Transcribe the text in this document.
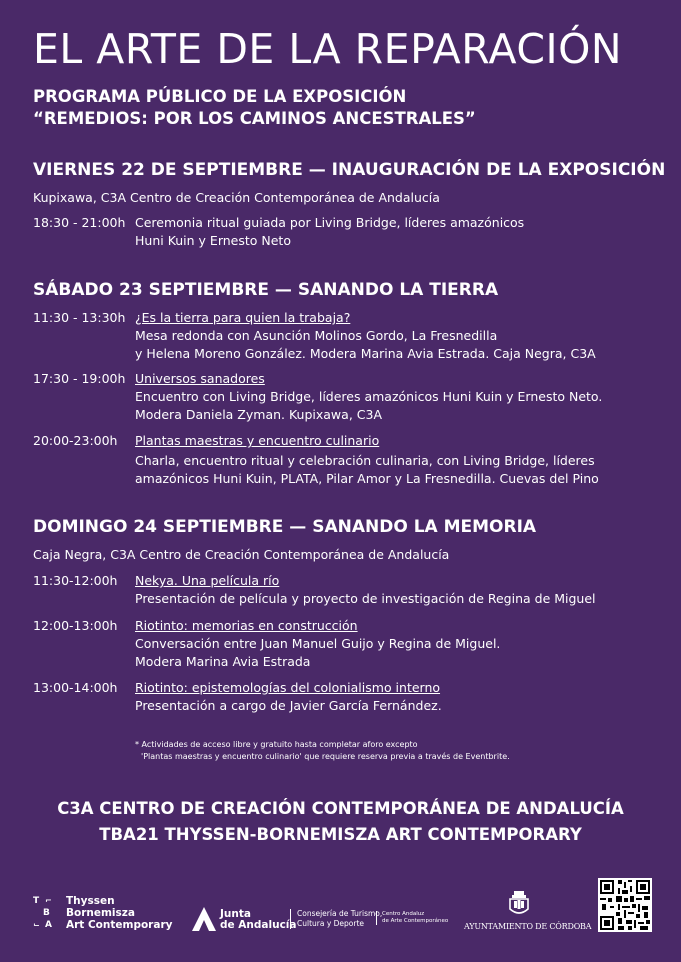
EL ARTE DE LA REPARACIÓN
PROGRAMA PÚBLICO DE LA EXPOSICIÓN
“REMEDIOS: POR LOS CAMINOS ANCESTRALES”
VIERNES 22 DE SEPTIEMBRE — INAUGURACIÓN DE LA EXPOSICIÓN
Kupixawa, C3A Centro de Creación Contemporánea de Andalucía
18:30 - 21:00h Ceremonia ritual guiada por Living Bridge, líderes amazónicos
Huni Kuin y Ernesto Neto
SÁBADO 23 SEPTIEMBRE — SANANDO LA TIERRA
11:30 - 13:30h ¿Es la tierra para quien la trabaja?
Mesa redonda con Asunción Molinos Gordo, La Fresnedilla
y Helena Moreno González. Modera Marina Avia Estrada. Caja Negra, C3A
17:30 - 19:00h Universos sanadores
Encuentro con Living Bridge, líderes amazónicos Huni Kuin y Ernesto Neto.
Modera Daniela Zyman. Kupixawa, C3A
20:00-23:00h	Plantas maestras y encuentro culinario
Charla, encuentro ritual y celebración culinaria, con Living Bridge, líderes
amazónicos Huni Kuin, PLATA, Pilar Amor y La Fresnedilla. Cuevas del Pino
DOMINGO 24 SEPTIEMBRE — SANANDO LA MEMORIA
Caja Negra, C3A Centro de Creación Contemporánea de Andalucía
11:30-12:00h	Nekya. Una película río
Presentación de película y proyecto de investigación de Regina de Miguel
12:00-13:00h	Riotinto: memorias en construcción
Conversación entre Juan Manuel Guijo y Regina de Miguel.
Modera Marina Avia Estrada
13:00-14:00h	Riotinto: epistemologías del colonialismo interno
Presentación a cargo de Javier García Fernández.
* Actividades de acceso libre y gratuito hasta completar aforo excepto
'Plantas maestras y encuentro culinario' que requiere reserva previa a través de Eventbrite.
C3A CENTRO DE CREACIÓN CONTEMPORÁNEA DE ANDALUCÍA
TBA21 THYSSEN-BORNEMISZA ART CONTEMPORARY
T ⌐
B
⌙ A
Thyssen
Bornemisza
Art Contemporary
Junta
de Andalucía
Consejería de Turismo,
Cultura y Deporte
Centro Andaluz
de Arte Contemporáneo
AYUNTAMIENTO DE CÓRDOBA
